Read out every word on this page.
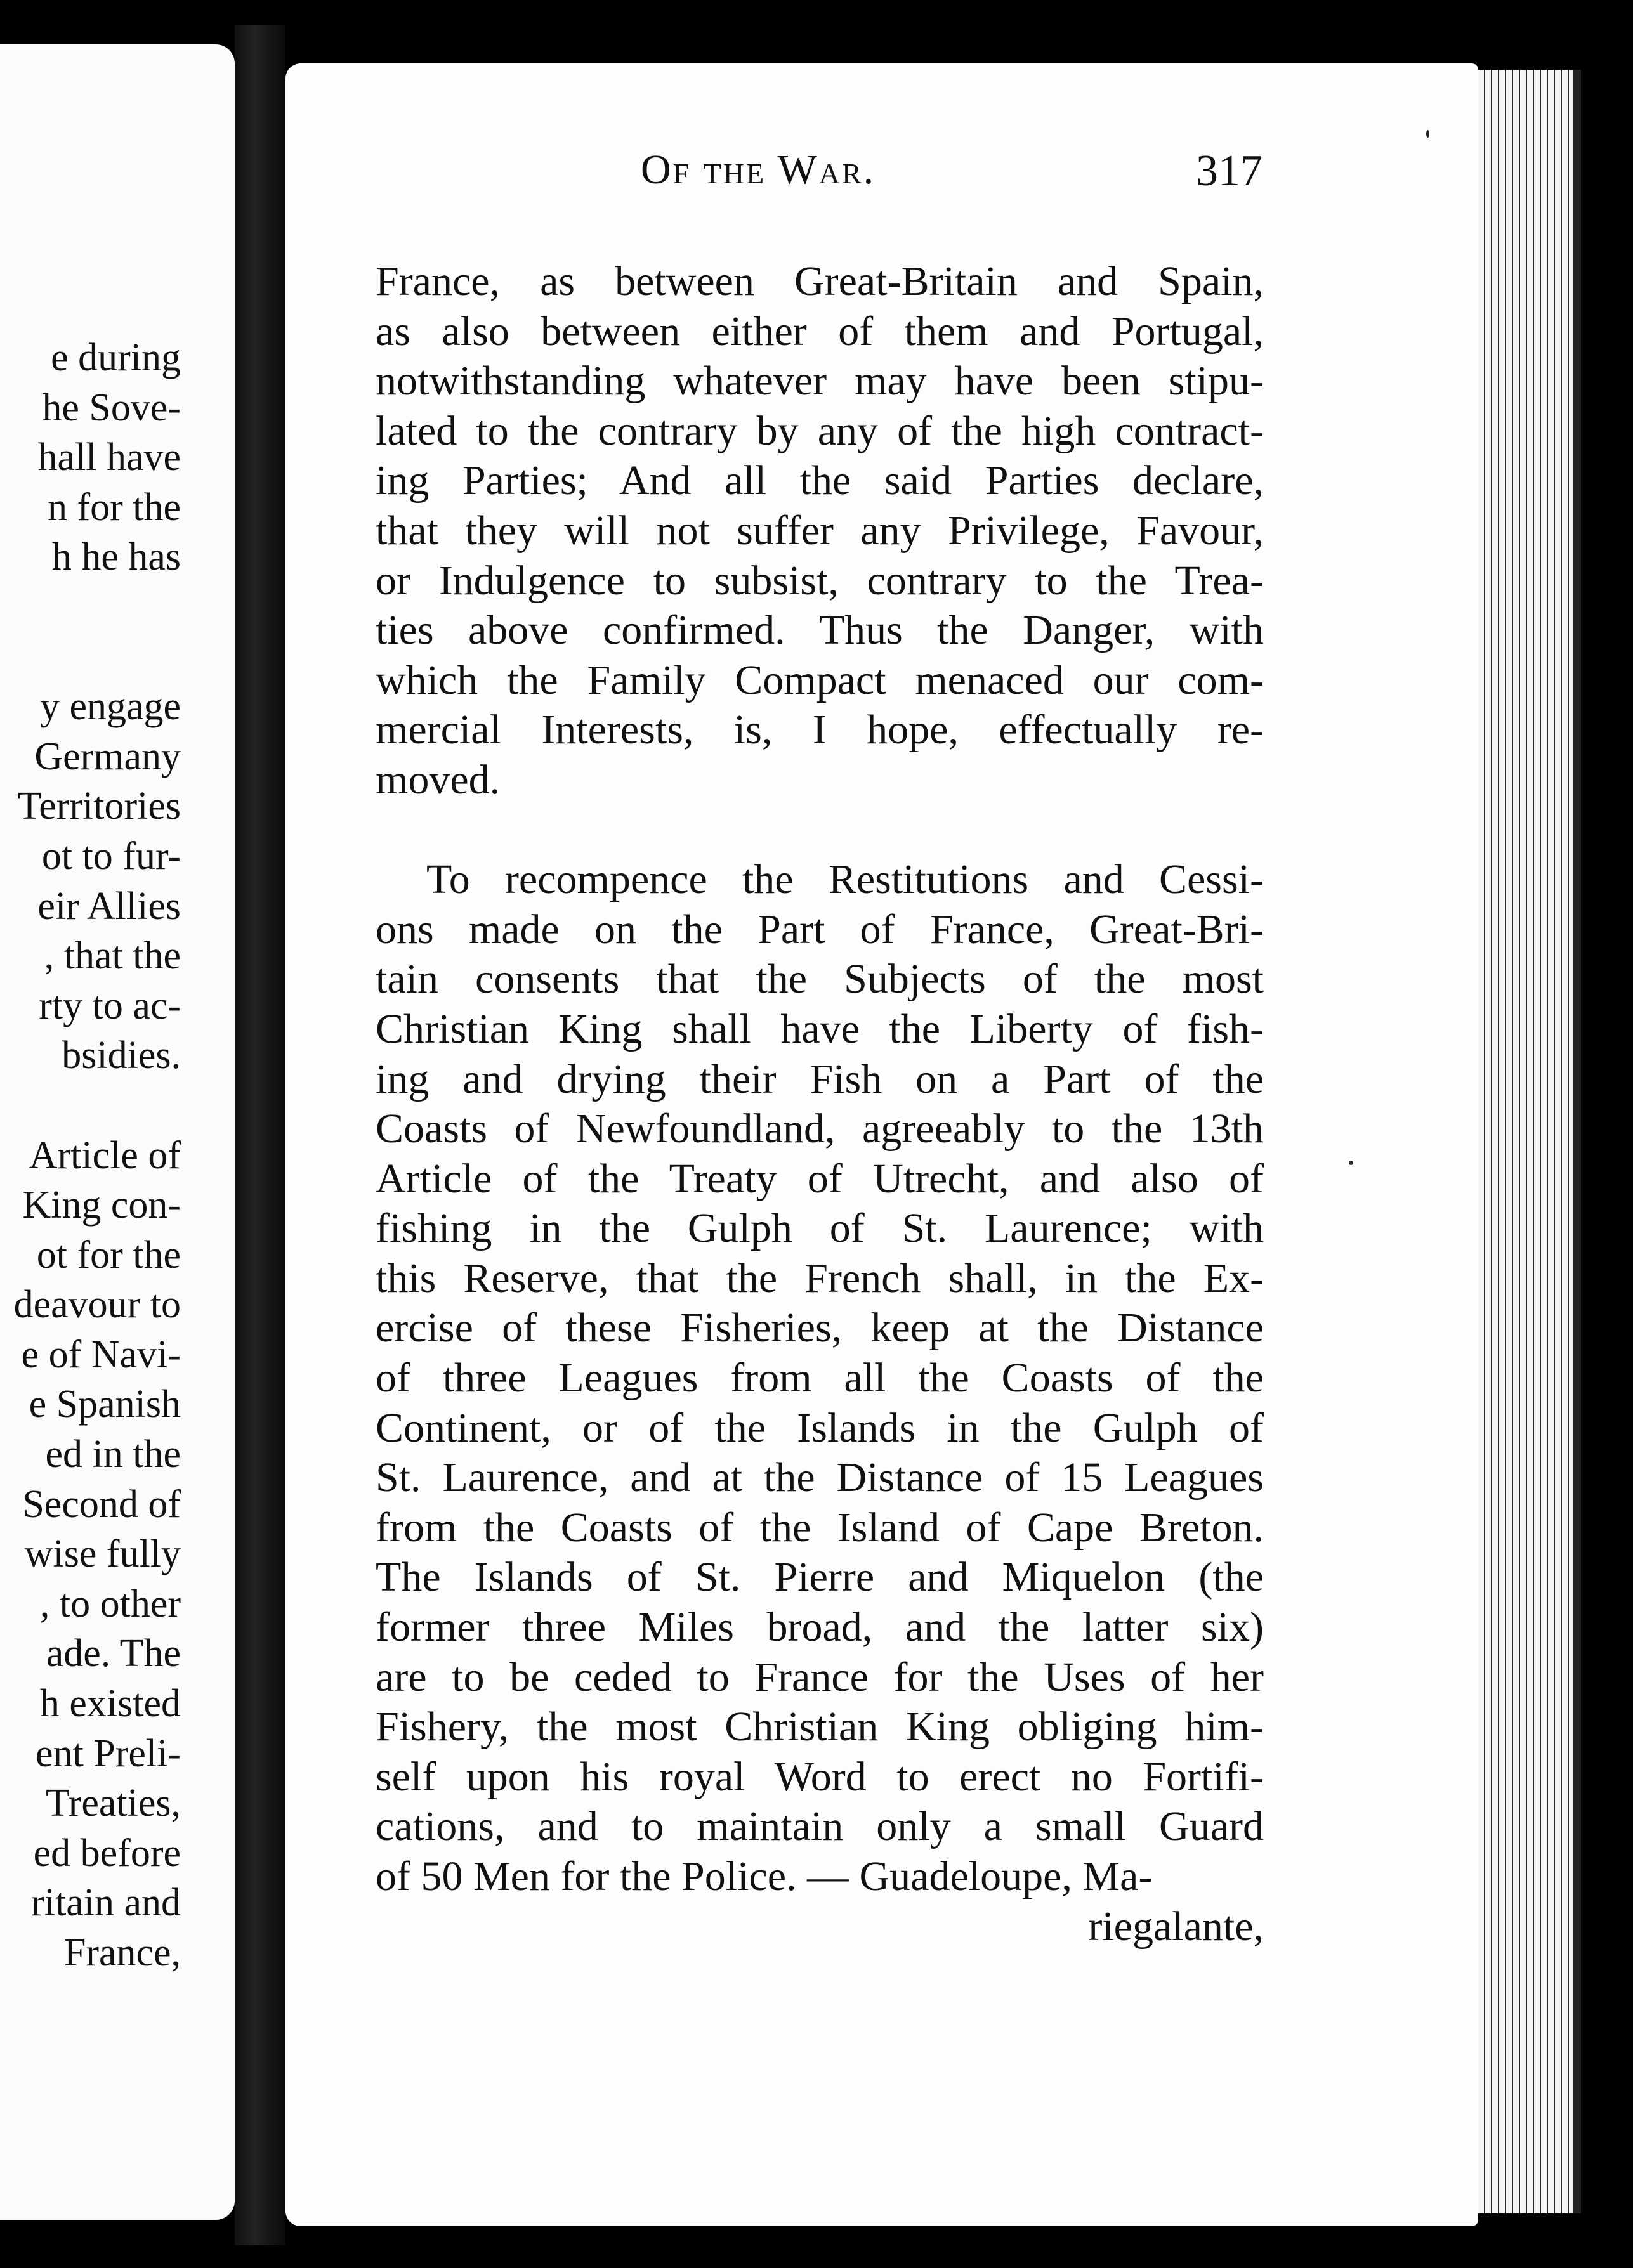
e during
he Sove-
hall have
n for the
h he has
y engage
Germany
Territories
ot to fur-
eir Allies
, that the
rty to ac-
bsidies.
Article of
King con-
ot for the
deavour to
e of Navi-
e Spanish
ed in the
Second of
wise fully
, to other
ade. The
h existed
ent Preli-
Treaties,
ed before
ritain and
France,
Of the War.	317
France, as between Great-Britain and Spain,
as also between either of them and Portugal,
notwithstanding whatever may have been stipu-
lated to the contrary by any of the high contract-
ing Parties; And all the said Parties declare,
that they will not suffer any Privilege, Favour,
or Indulgence to subsist, contrary to the Trea-
ties above confirmed. Thus the Danger, with
which the Family Compact menaced our com-
mercial Interests, is, I hope, effectually re-
moved.
To recompence the Restitutions and Cessi-
ons made on the Part of France, Great-Bri-
tain consents that the Subjects of the most
Christian King shall have the Liberty of fish-
ing and drying their Fish on a Part of the
Coasts of Newfoundland, agreeably to the 13th
Article of the Treaty of Utrecht, and also of
fishing in the Gulph of St. Laurence; with
this Reserve, that the French shall, in the Ex-
ercise of these Fisheries, keep at the Distance
of three Leagues from all the Coasts of the
Continent, or of the Islands in the Gulph of
St. Laurence, and at the Distance of 15 Leagues
from the Coasts of the Island of Cape Breton.
The Islands of St. Pierre and Miquelon (the
former three Miles broad, and the latter six)
are to be ceded to France for the Uses of her
Fishery, the most Christian King obliging him-
self upon his royal Word to erect no Fortifi-
cations, and to maintain only a small Guard
of 50 Men for the Police. — Guadeloupe, Ma-
riegalante,
